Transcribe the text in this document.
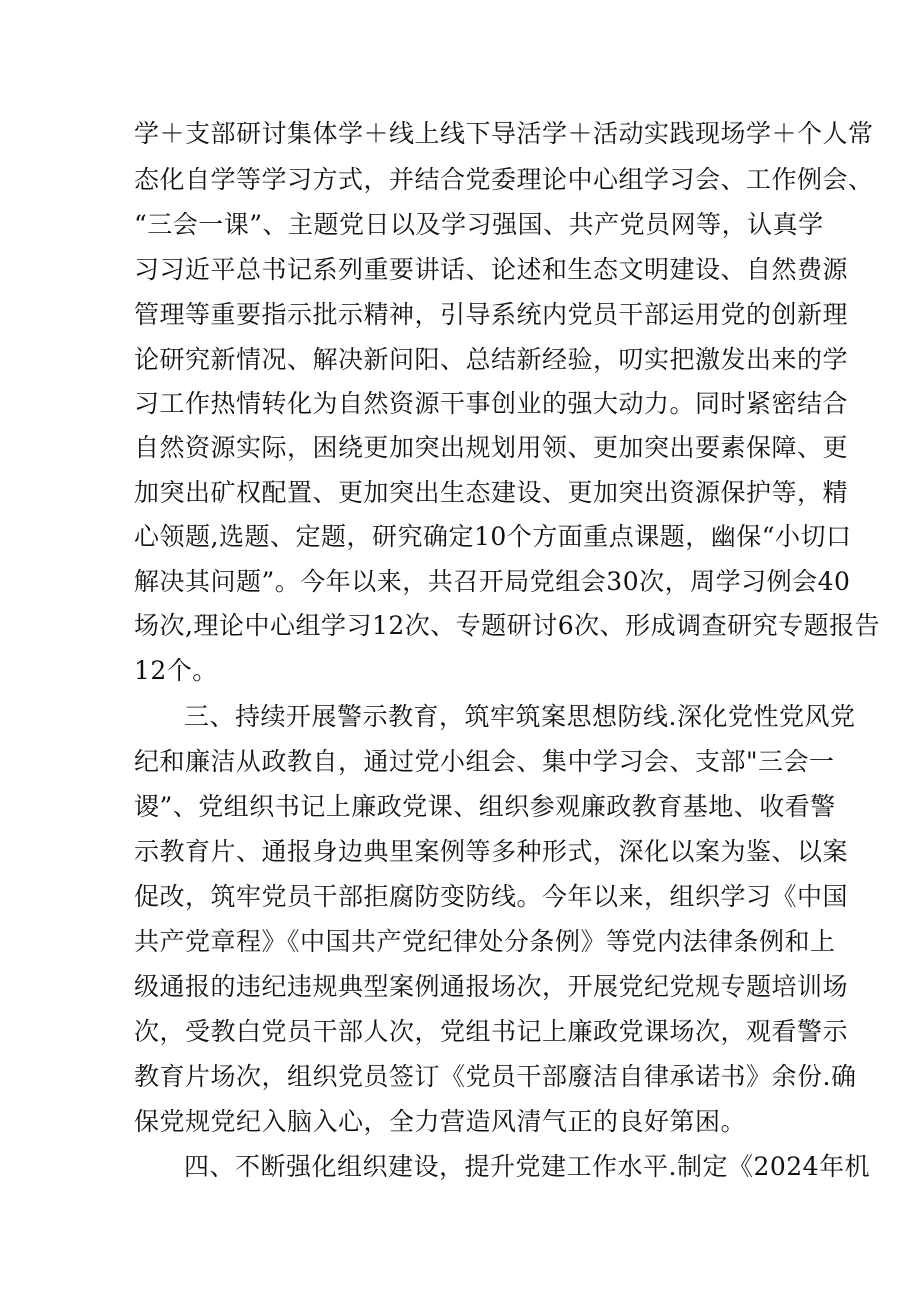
学＋支部研讨集体学＋线上线下导活学＋活动实践现场学＋个人常
态化自学等学习方式，并结合党委理论中心组学习会、工作例会、
“三会一课”、主题党日以及学习强国、共产党员网等，认真学
习习近平总书记系列重要讲话、论述和生态文明建设、自然费源
管理等重要指示批示精神，引导系统内党员干部运用党的创新理
论研究新情况、解决新问阳、总结新经验，叨实把激发出来的学
习工作热情转化为自然资源干事创业的强大动力。同时紧密结合
自然资源实际，困绕更加突出规划用领、更加突出要素保障、更
加突出矿权配置、更加突出生态建设、更加突出资源保护等，精
心领题,选题、定题，研究确定10个方面重点课题，幽保“小切口
解决其问题”。今年以来，共召开局党组会30次，周学习例会40
场次,理论中心组学习12次、专题研讨6次、形成调查研究专题报告
12个。
三、持续开展警示教育，筑牢筑案思想防线.深化党性党风党
纪和廉洁从政教自，通过党小组会、集中学习会、支部"三会一
谡”、党组织书记上廉政党课、组织参观廉政教育基地、收看警
示教育片、通报身边典里案例等多种形式，深化以案为鉴、以案
促改，筑牢党员干部拒腐防变防线。今年以来，组织学习《中国
共产党章程》《中国共产党纪律处分条例》等党内法律条例和上
级通报的违纪违规典型案例通报场次，开展党纪党规专题培训场
次，受教白党员干部人次，党组书记上廉政党课场次，观看警示
教育片场次，组织党员签订《党员干部廢洁自律承诺书》余份.确
保党规党纪入脑入心，全力营造风清气正的良好第困。
四、不断强化组织建设，提升党建工作水平.制定《2024年机
